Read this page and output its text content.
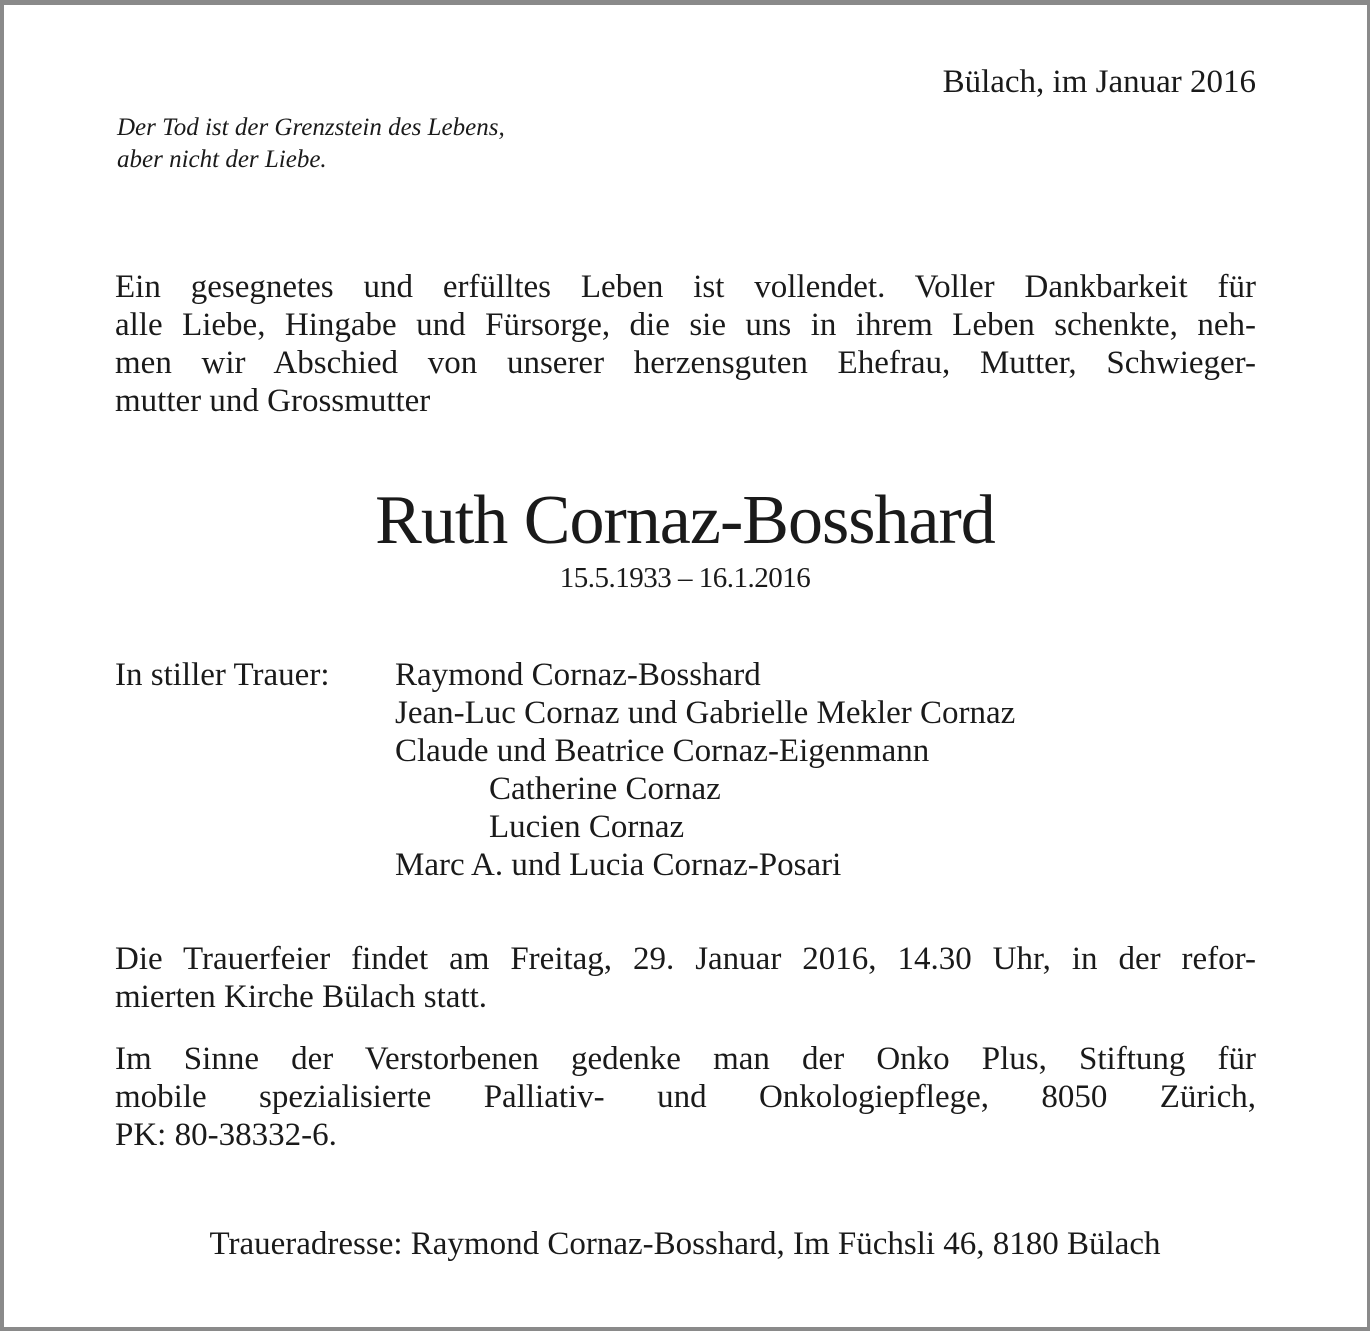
Bülach, im Januar 2016

Der Tod ist der Grenzstein des Lebens,
aber nicht der Liebe.
Ein gesegnetes und erfülltes Leben ist vollendet. Voller Dankbarkeit für
alle Liebe, Hingabe und Fürsorge, die sie uns in ihrem Leben schenkte, neh-
men wir Abschied von unserer herzensguten Ehefrau, Mutter, Schwieger-
mutter und Grossmutter
Ruth Cornaz-Bosshard

15.5.1933 – 16.1.2016

In stiller Trauer: Raymond Cornaz-Bosshard
Jean-Luc Cornaz und Gabrielle Mekler Cornaz
Claude und Beatrice Cornaz-Eigenmann
Catherine Cornaz
Lucien Cornaz
Marc A. und Lucia Cornaz-Posari
Die Trauerfeier findet am Freitag, 29. Januar 2016, 14.30 Uhr, in der refor-
mierten Kirche Bülach statt.
Im Sinne der Verstorbenen gedenke man der Onko Plus, Stiftung für
mobile spezialisierte Palliativ- und Onkologiepflege, 8050 Zürich,
PK: 80-38332-6.

Traueradresse: Raymond Cornaz-Bosshard, Im Füchsli 46, 8180 Bülach
